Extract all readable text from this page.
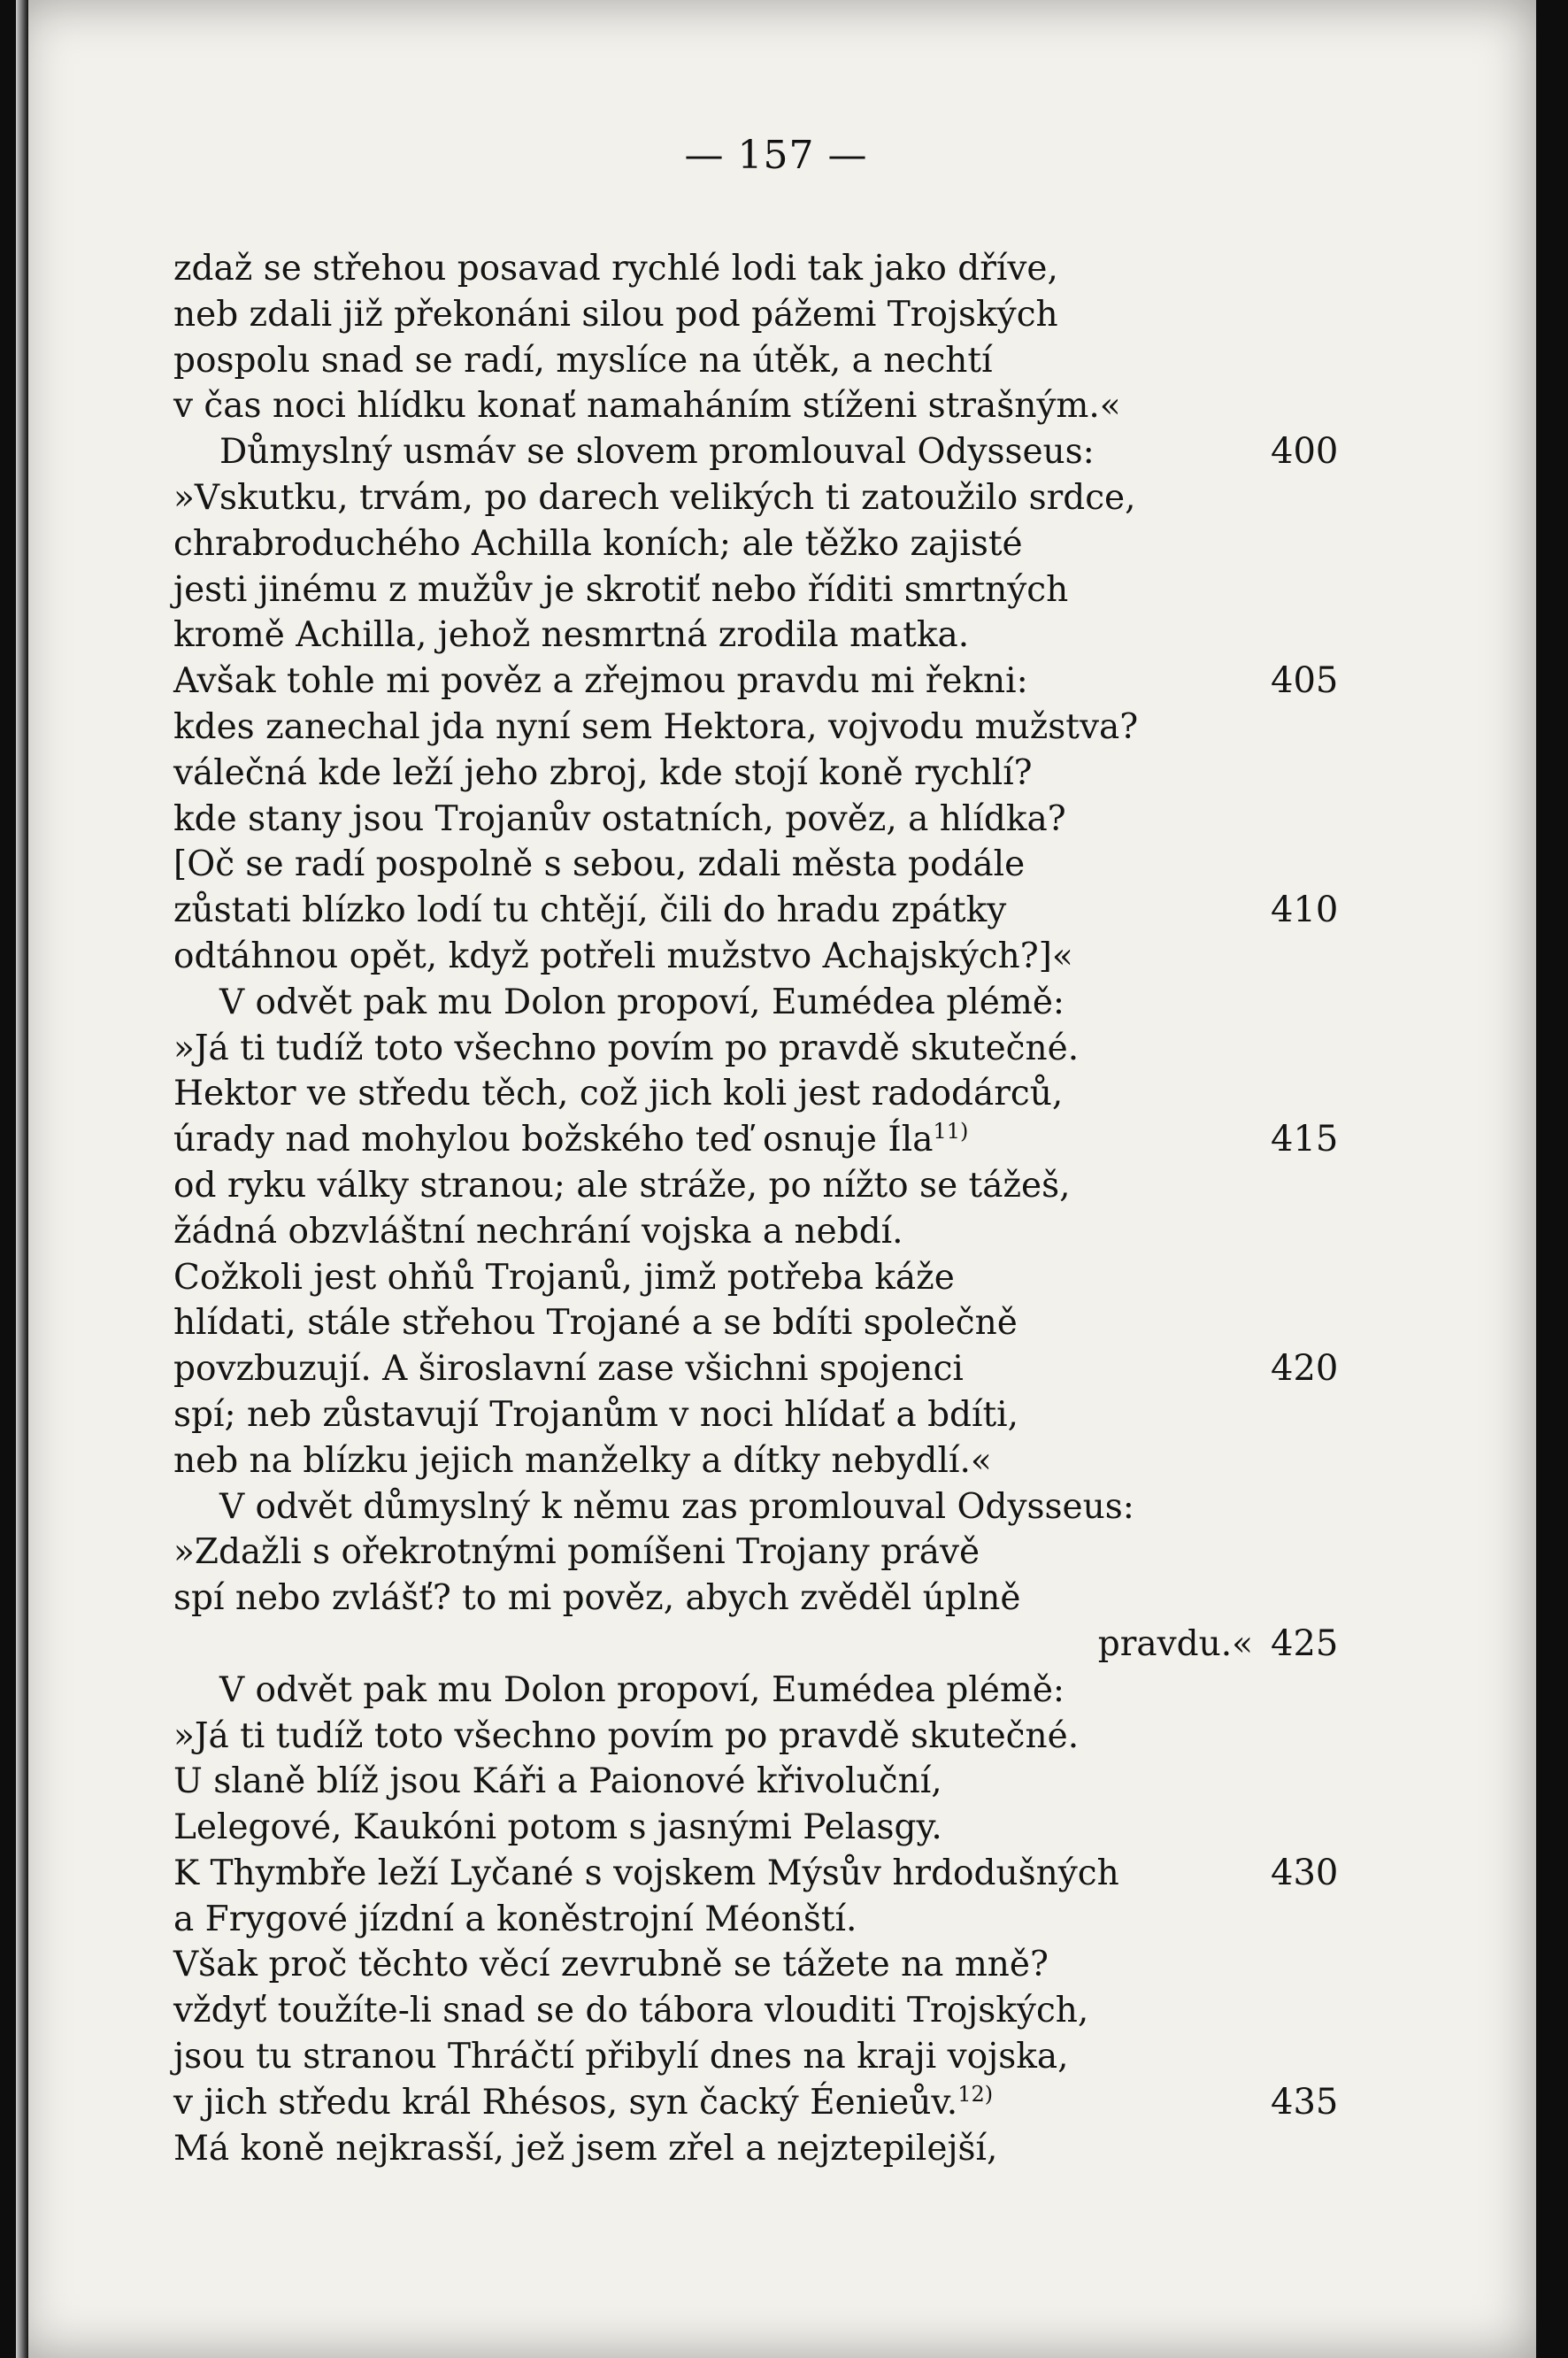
— 157 —
zdaž se střehou posavad rychlé lodi tak jako dříve,
neb zdali již překonáni silou pod pážemi Trojských
pospolu snad se radí, myslíce na útěk, a nechtí
v čas noci hlídku konať namaháním stíženi strašným.«
Důmyslný usmáv se slovem promlouval Odysseus:	400
»Vskutku, trvám, po darech velikých ti zatoužilo srdce,
chrabroduchého Achilla koních; ale těžko zajisté
jesti jinému z mužův je skrotiť nebo říditi smrtných
kromě Achilla, jehož nesmrtná zrodila matka.
Avšak tohle mi pověz a zřejmou pravdu mi řekni:	405
kdes zanechal jda nyní sem Hektora, vojvodu mužstva?
válečná kde leží jeho zbroj, kde stojí koně rychlí?
kde stany jsou Trojanův ostatních, pověz, a hlídka?
[Oč se radí pospolně s sebou, zdali města podále
zůstati blízko lodí tu chtějí, čili do hradu zpátky	410
odtáhnou opět, když potřeli mužstvo Achajských?]«
V odvět pak mu Dolon propoví, Eumédea plémě:
»Já ti tudíž toto všechno povím po pravdě skutečné.
Hektor ve středu těch, což jich koli jest radodárců,
úrady nad mohylou božského teď osnuje Íla$^{11)}$	415
od ryku války stranou; ale stráže, po nížto se tážeš,
žádná obzvláštní nechrání vojska a nebdí.
Cožkoli jest ohňů Trojanů, jimž potřeba káže
hlídati, stále střehou Trojané a se bdíti společně
povzbuzují. A široslavní zase všichni spojenci	420
spí; neb zůstavují Trojanům v noci hlídať a bdíti,
neb na blízku jejich manželky a dítky nebydlí.«
V odvět důmyslný k němu zas promlouval Odysseus:
»Zdažli s ořekrotnými pomíšeni Trojany právě
spí nebo zvlášť? to mi pověz, abych zvěděl úplně
pravdu.« 425
V odvět pak mu Dolon propoví, Eumédea plémě:
»Já ti tudíž toto všechno povím po pravdě skutečné.
U slaně blíž jsou Káři a Paionové křivoluční,
Lelegové, Kaukóni potom s jasnými Pelasgy.
K Thymbře leží Lyčané s vojskem Mýsův hrdodušných	430
a Frygové jízdní a koněstrojní Méonští.
Však proč těchto věcí zevrubně se tážete na mně?
vždyť toužíte-li snad se do tábora vlouditi Trojských,
jsou tu stranou Thráčtí přibylí dnes na kraji vojska,
v jich středu král Rhésos, syn čacký Éenieův.$^{12)}$	435
Má koně nejkrasší, jež jsem zřel a nejztepilejší,
